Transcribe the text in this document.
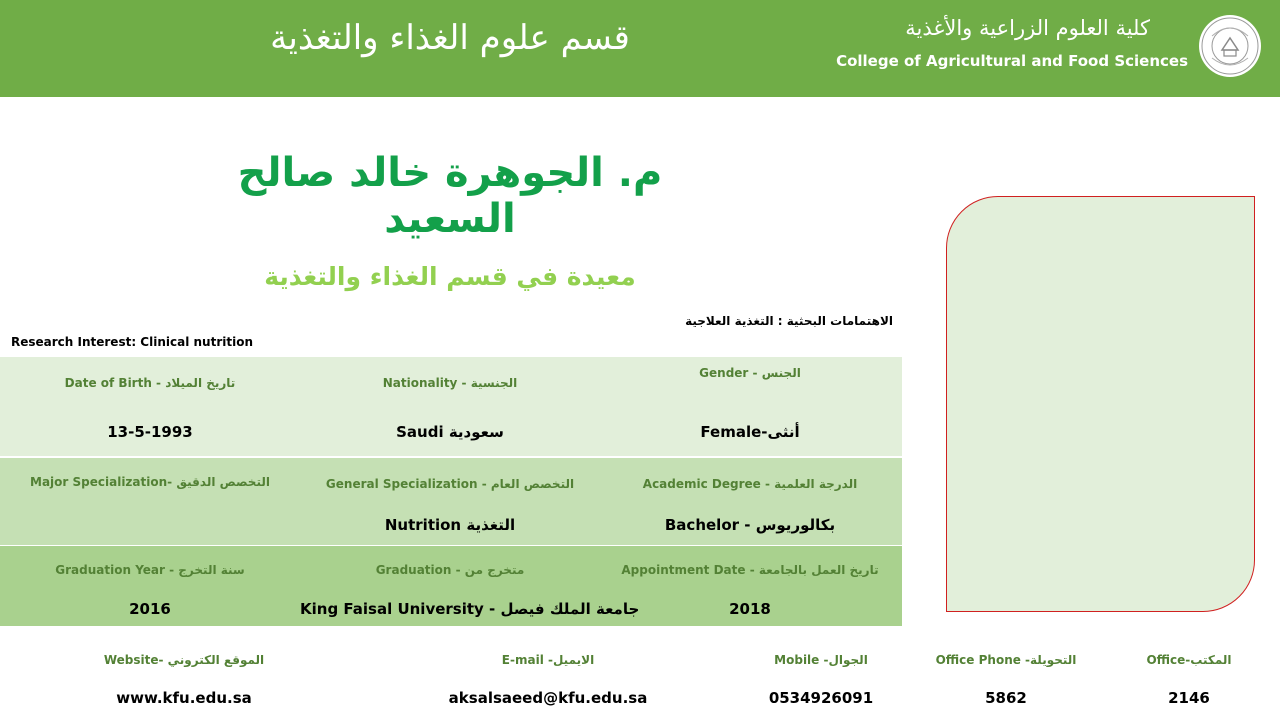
قسم علوم الغذاء والتغذية	كلية العلوم الزراعية والأغذية
College of Agricultural and Food Sciences
م. الجوهرة خالد صالح السعيد
معيدة في قسم الغذاء والتغذية
الاهتمامات البحثية : التغذية العلاجية
Research Interest: Clinical nutrition
Date of Birth - تاريخ الميلاد
13-5-1993
Nationality - الجنسية
Saudi سعودية
Gender - الجنس
Female-أنثى
Major Specialization- التخصص الدقيق	General Specialization - التخصص العام
Nutrition التغذية
Academic Degree - الدرجة العلمية
Bachelor - بكالوريوس
Graduation Year - سنة التخرج
2016
Graduation - متخرج من
King Faisal University - جامعة الملك فيصل
Appointment Date - تاريخ العمل بالجامعة
2018
Website- الموقع الكتروني
www.kfu.edu.sa
E-mail -الايميل
aksalsaeed@kfu.edu.sa
Mobile -الجوال
0534926091
Office Phone -التحويلة
5862
Office-المكتب
2146
